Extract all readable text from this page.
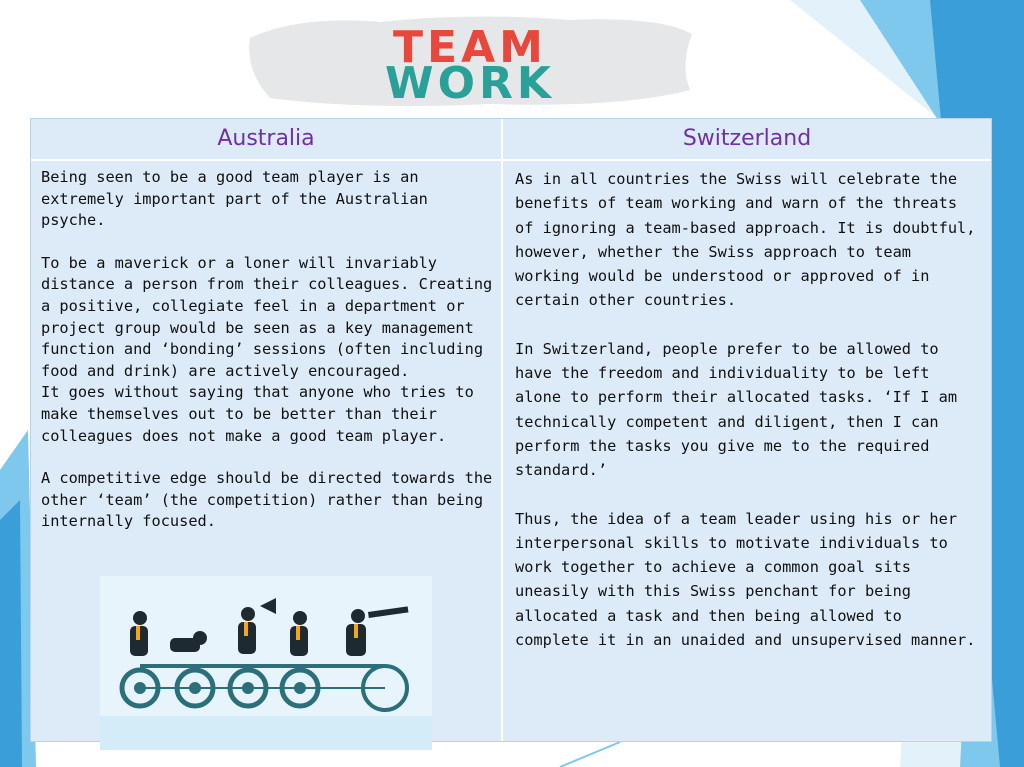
TEAM
WORK
Australia	Switzerland

Being seen to be a good team player is an extremely important part of the Australian psyche.

To be a maverick or a loner will invariably distance a person from their colleagues. Creating a positive, collegiate feel in a department or project group would be seen as a key management function and ‘bonding’ sessions (often including food and drink) are actively encouraged.
It goes without saying that anyone who tries to make themselves out to be better than their colleagues does not make a good team player.

A competitive edge should be directed towards the other ‘team’ (the competition) rather than being internally focused.

As in all countries the Swiss will celebrate the benefits of team working and warn of the threats of ignoring a team-based approach. It is doubtful, however, whether the Swiss approach to team working would be understood or approved of in certain other countries.

In Switzerland, people prefer to be allowed to have the freedom and individuality to be left alone to perform their allocated tasks. ‘If I am technically competent and diligent, then I can perform the tasks you give me to the required standard.’

Thus, the idea of a team leader using his or her interpersonal skills to motivate individuals to work together to achieve a common goal sits uneasily with this Swiss penchant for being allocated a task and then being allowed to complete it in an unaided and unsupervised manner.
